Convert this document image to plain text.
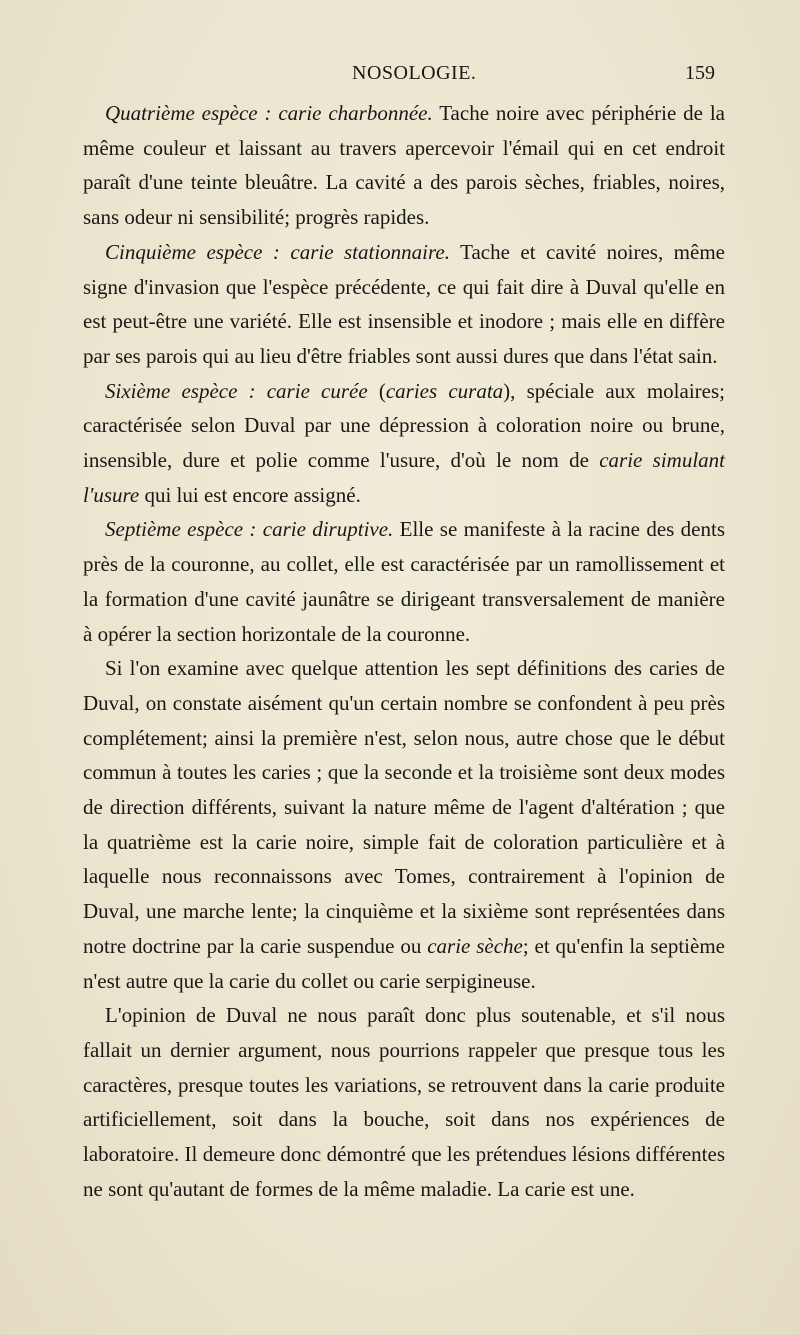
NOSOLOGIE.	159

Quatrième espèce : carie charbonnée. Tache noire avec périphérie de la même couleur et laissant au travers apercevoir l'émail qui en cet endroit paraît d'une teinte bleuâtre. La cavité a des parois sèches, friables, noires, sans odeur ni sensibilité; progrès rapides.

Cinquième espèce : carie stationnaire. Tache et cavité noires, même signe d'invasion que l'espèce précédente, ce qui fait dire à Duval qu'elle en est peut-être une variété. Elle est insensible et inodore ; mais elle en diffère par ses parois qui au lieu d'être friables sont aussi dures que dans l'état sain.

Sixième espèce : carie curée (caries curata), spéciale aux molaires; caractérisée selon Duval par une dépression à coloration noire ou brune, insensible, dure et polie comme l'usure, d'où le nom de carie simulant l'usure qui lui est encore assigné.

Septième espèce : carie diruptive. Elle se manifeste à la racine des dents près de la couronne, au collet, elle est caractérisée par un ramollissement et la formation d'une cavité jaunâtre se dirigeant transversalement de manière à opérer la section horizontale de la couronne.

Si l'on examine avec quelque attention les sept définitions des caries de Duval, on constate aisément qu'un certain nombre se confondent à peu près complétement; ainsi la première n'est, selon nous, autre chose que le début commun à toutes les caries ; que la seconde et la troisième sont deux modes de direction différents, suivant la nature même de l'agent d'altération ; que la quatrième est la carie noire, simple fait de coloration particulière et à laquelle nous reconnaissons avec Tomes, contrairement à l'opinion de Duval, une marche lente; la cinquième et la sixième sont représentées dans notre doctrine par la carie suspendue ou carie sèche; et qu'enfin la septième n'est autre que la carie du collet ou carie serpigineuse.

L'opinion de Duval ne nous paraît donc plus soutenable, et s'il nous fallait un dernier argument, nous pourrions rappeler que presque tous les caractères, presque toutes les variations, se retrouvent dans la carie produite artificiellement, soit dans la bouche, soit dans nos expériences de laboratoire. Il demeure donc démontré que les prétendues lésions différentes ne sont qu'autant de formes de la même maladie. La carie est une.
